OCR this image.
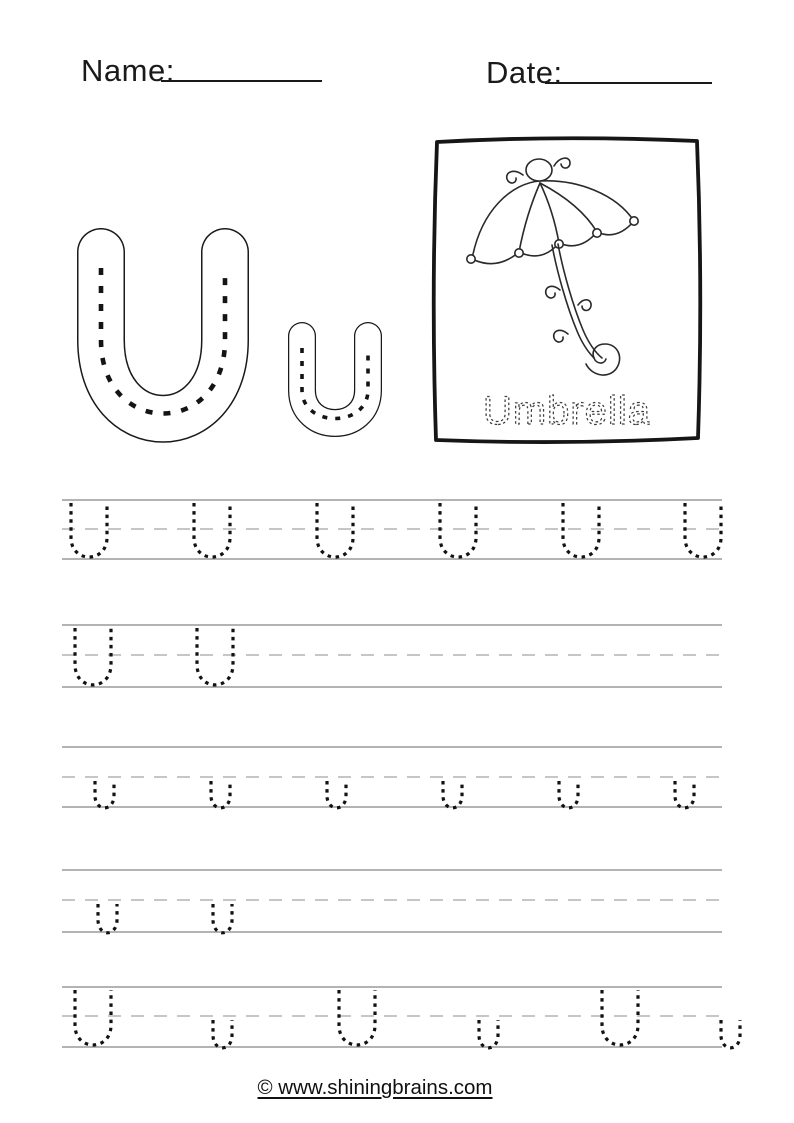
Name:	Date:
Umbrella
© www.shiningbrains.com
